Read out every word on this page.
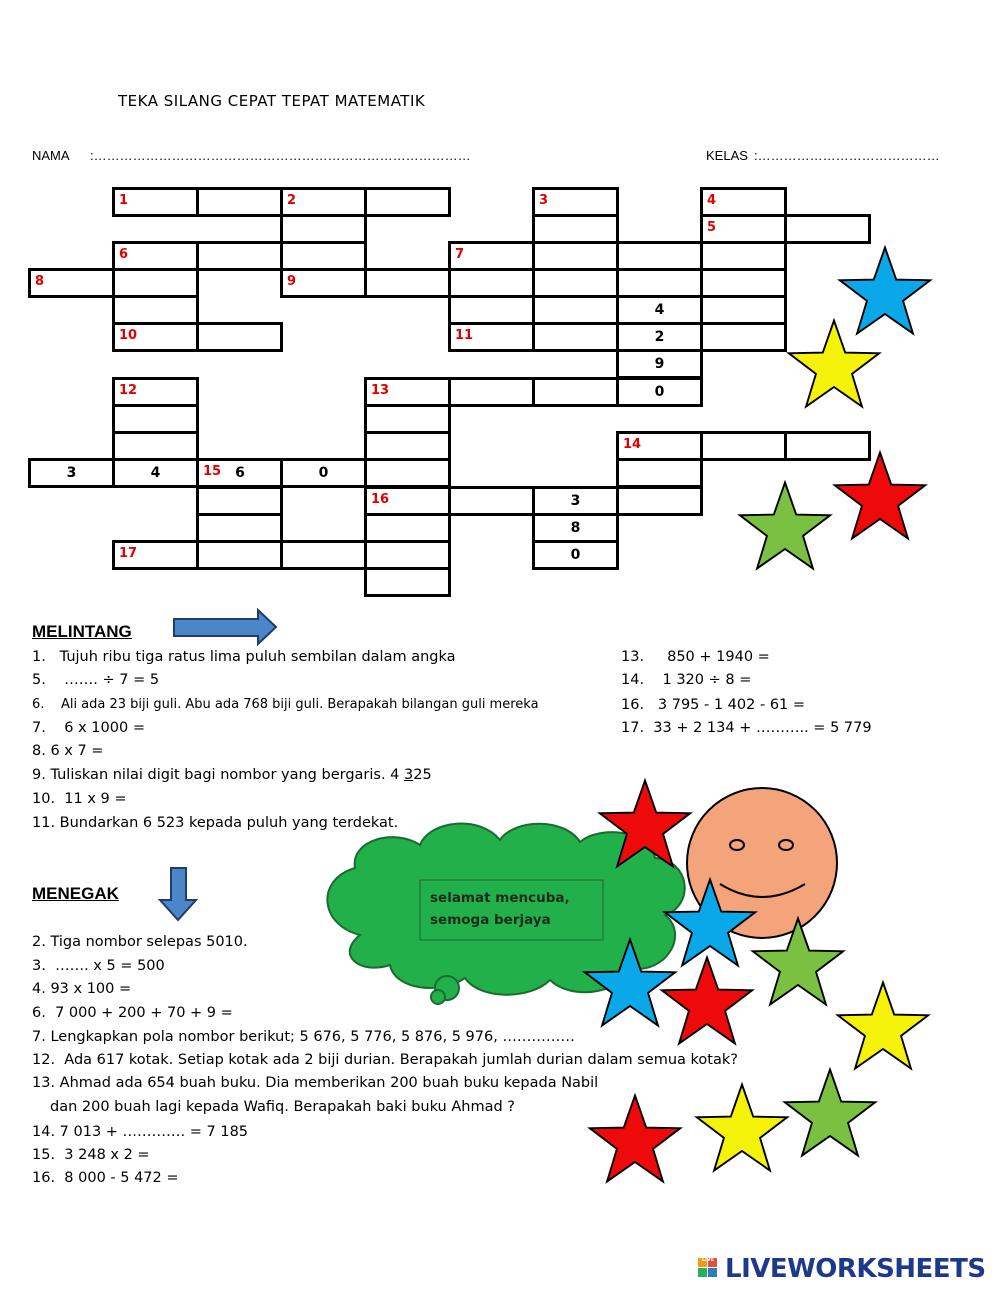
TEKA SILANG CEPAT TEPAT MATEMATIK
NAMA :……………………………………………………………………………	KELAS :……………………………………
1	2	3	4
5
6	7
8	9
4
10	11	2
9
12	13	0
14
3	4	15	6	0
16	3
8
17	0
MELINTANG
1. Tujuh ribu tiga ratus lima puluh sembilan dalam angka
5. ……. ÷ 7 = 5
6. Ali ada 23 biji guli. Abu ada 768 biji guli. Berapakah bilangan guli mereka
7. 6 x 1000 =
8. 6 x 7 =
9. Tuliskan nilai digit bagi nombor yang bergaris. 4 325
10. 11 x 9 =
11. Bundarkan 6 523 kepada puluh yang terdekat.
13. 850 + 1940 =
14. 1 320 ÷ 8 =
16. 3 795 - 1 402 - 61 =
17. 33 + 2 134 + ……….. = 5 779
MENEGAK
2. Tiga nombor selepas 5010.
3. ……. x 5 = 500
4. 93 x 100 =
6. 7 000 + 200 + 70 + 9 =
7. Lengkapkan pola nombor berikut; 5 676, 5 776, 5 876, 5 976, ……………
12. Ada 617 kotak. Setiap kotak ada 2 biji durian. Berapakah jumlah durian dalam semua kotak?
13. Ahmad ada 654 buah buku. Dia memberikan 200 buah buku kepada Nabil
dan 200 buah lagi kepada Wafiq. Berapakah baki buku Ahmad ?
14. 7 013 + …………. = 7 185
15. 3 248 x 2 =
16. 8 000 - 5 472 =
selamat mencuba,
semoga berjaya
LIVE LIVEWORKSHEETS
